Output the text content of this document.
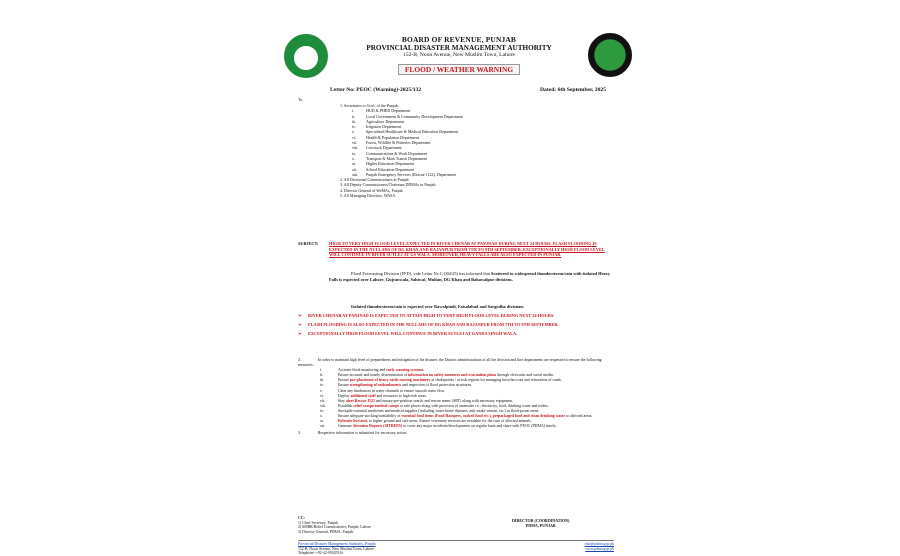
BOARD OF REVENUE, PUNJAB
PROVINCIAL DISASTER MANAGEMENT AUTHORITY
152-B, Noon Avenue, New Muslim Town, Lahore
FLOOD / WEATHER WARNING
Letter No: PEOC (Warning)-2025/132	Dated: 6th September, 2025
To:
1. Secretaries to Govt. of the Punjab,
i.	HUD & PHED Department
ii.	Local Government & Community Development Department
iii. Agriculture Department
iv.	Irrigation Department
v.	Specialized Healthcare & Medical Education Department
vi. Health & Population Department
vii. Forest, Wildlife & Fisheries Department
viii. Livestock Department
ix. Communications & Work Department
x.	Transport & Mass Transit Department
xi. Higher Education Department
xii. School Education Department
xiii. Punjab Emergency Services (Rescue 1122), Department
2. All Divisional Commissioners in Punjab
3. All Deputy Commissioners/Chairman DDMAs in Punjab
4. Director General of WeMAs, Punjab
5. All Managing Directors, WASA
SUBJECT: HIGH TO VERY HIGH FLOOD LEVEL EXPECTED IN RIVER CHENAB AT PANJNAD DURING NEXT 24 HOURS. FLASH FLOODING IS EXPECTED IN THE NULLAHS OF DG KHAN AND RAJANPUR FROM 7TH TO 9TH SEPTEMBER. EXCEPTIONALLY HIGH FLOOD LEVEL WILL CONTINUE IN RIVER SUTLEJ AT GS WALA. MOREOVER, HEAVY FALLS ARE ALSO EXPECTED IN PUNJAB.
Flood Forecasting Division (FFD), vide Letter No C-004/25) has informed that Scattered to widespread thunderstorm/rain with isolated Heavy Falls is expected over Lahore, Gujranwala, Sahiwal, Multan, DG Khan and Bahawalpur divisions.
Isolated thunderstorm/rain is expected over Rawalpindi, Faisalabad and Sargodha divisions.
➢ RIVER CHENAB AT PANJNAD IS EXPECTED TO ATTAIN HIGH TO VERY HIGH FLOOD LEVEL DURING NEXT 24-HOURS.
➢ FLASH FLOODING IS ALSO EXPECTED IN THE NULLAHS OF DG KHAN AND RAJANPUR FROM 7TH TO 9TH SEPTEMBER.
➢ EXCEPTIONALLY HIGH FLOOD LEVEL WILL CONTINUE IN RIVER SUTLEJ AT GANDA SINGH WALA.
2.	In order to maintain high level of preparedness and mitigation of the disaster, the District administrations of all the division and line departments are requested to ensure the following measures:
i.	Activate flood monitoring and early warning systems.
ii.	Ensure accurate and timely dissemination of information on safety measures and evacuation plans through electronic and social media.
iii.	Ensure pre-placement of heavy earth moving machinery at chokepoints / at-risk regions for managing breaches/cuts and restoration of roads.
iv.	Ensure strengthening of embankments and inspection of flood protection structures.
v.	Clear any hindrances in water channels to ensure smooth water flow.
vi.	Deploy additional staff and resources to high-risk areas.
vii.	Stay alert Rescue 1122 and ensure pre-position search and rescue teams (SRT) along with necessary equipment.
viii.	Establish relief camps/medical camps at safe places along with provision of amenities i.e., electricity, food, drinking water and toilets.
ix.	Stockpile essential medicines and medical supplies (including water borne diseases, anti-snake venom, etc.) in flood-prone areas.
x.	Ensure adequate stocking/availability of essential food items (Food Hampers, cooked food etc.), prepackaged food and clean drinking water to affected areas.
xi.	Relocate livestock to higher ground and safe areas. Ensure veterinary services are available for the cure of affected animals.
xii.	Generate Situation Reports (SITREPS) to cover any major incidents/developments on regular basis and share with PEOC (PDMA) timely.
3.	Respective information is submitted for necessary action.
CC:
1) Chief Secretary, Punjab
2) SMBR/Relief Commissioner, Punjab, Lahore
3) Director General, PDMA, Punjab
DIRECTOR (COORDINATION)
PDMA, PUNJAB
Provincial Disaster Management Authority, Punjab
152-B, Noon Avenue, New Muslim Town, Lahore
Telephone: +92-42-99205316
info@pdma.gop.pk
www.pdma.gop.pk
